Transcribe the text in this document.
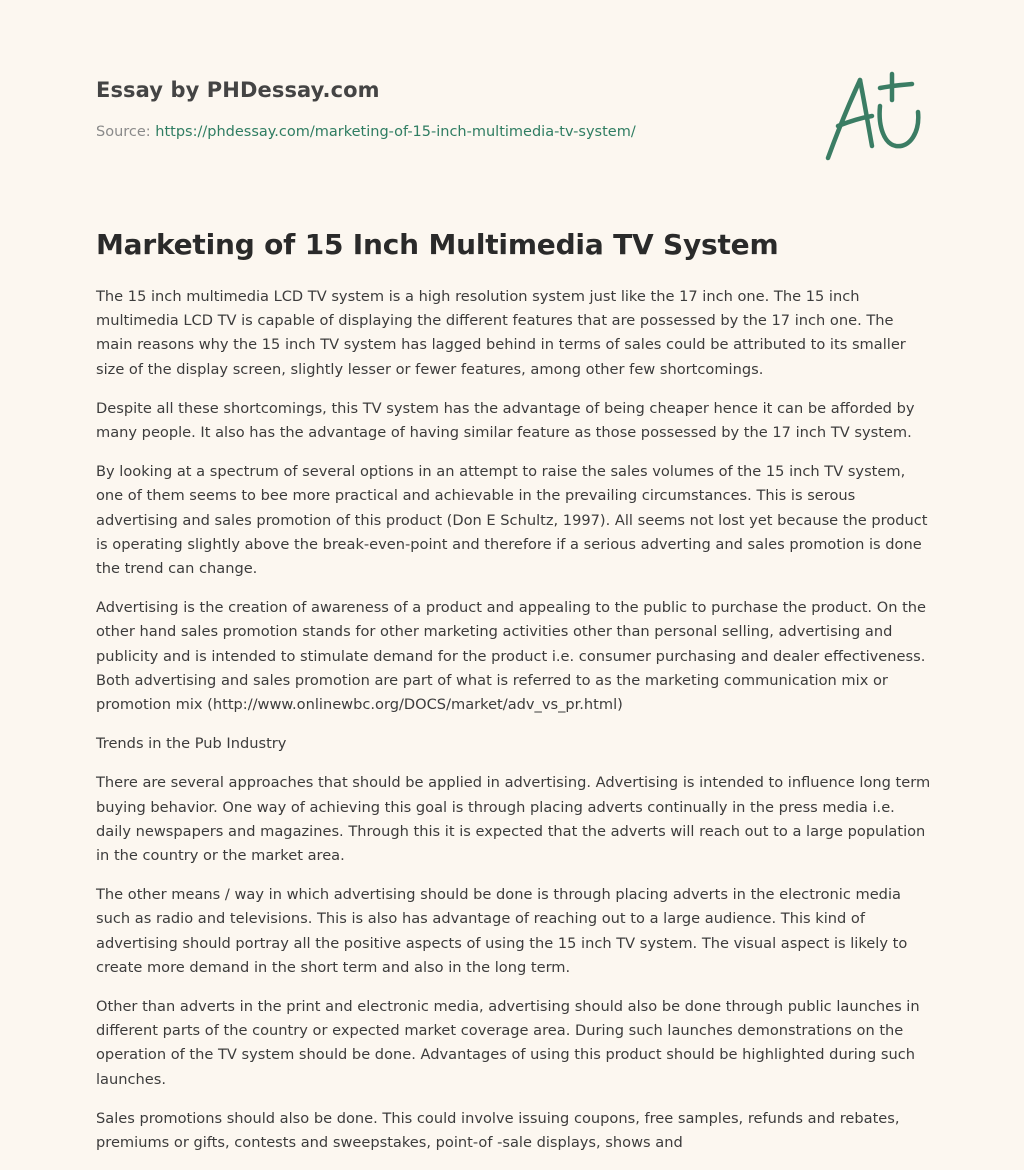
Essay by PHDessay.com
Source: https://phdessay.com/marketing-of-15-inch-multimedia-tv-system/
Marketing of 15 Inch Multimedia TV System

The 15 inch multimedia LCD TV system is a high resolution system just like the 17 inch one. The 15 inch multimedia LCD TV is capable of displaying the different features that are possessed by the 17 inch one. The main reasons why the 15 inch TV system has lagged behind in terms of sales could be attributed to its smaller size of the display screen, slightly lesser or fewer features, among other few shortcomings.

Despite all these shortcomings, this TV system has the advantage of being cheaper hence it can be afforded by many people. It also has the advantage of having similar feature as those possessed by the 17 inch TV system.

By looking at a spectrum of several options in an attempt to raise the sales volumes of the 15 inch TV system, one of them seems to bee more practical and achievable in the prevailing circumstances. This is serous advertising and sales promotion of this product (Don E Schultz, 1997). All seems not lost yet because the product is operating slightly above the break-even-point and therefore if a serious adverting and sales promotion is done the trend can change.

Advertising is the creation of awareness of a product and appealing to the public to purchase the product. On the other hand sales promotion stands for other marketing activities other than personal selling, advertising and publicity and is intended to stimulate demand for the product i.e. consumer purchasing and dealer effectiveness. Both advertising and sales promotion are part of what is referred to as the marketing communication mix or promotion mix (http://www.onlinewbc.org/DOCS/market/adv_vs_pr.html)

Trends in the Pub Industry

There are several approaches that should be applied in advertising. Advertising is intended to influence long term buying behavior. One way of achieving this goal is through placing adverts continually in the press media i.e. daily newspapers and magazines. Through this it is expected that the adverts will reach out to a large population in the country or the market area.

The other means / way in which advertising should be done is through placing adverts in the electronic media such as radio and televisions. This is also has advantage of reaching out to a large audience. This kind of advertising should portray all the positive aspects of using the 15 inch TV system. The visual aspect is likely to create more demand in the short term and also in the long term.

Other than adverts in the print and electronic media, advertising should also be done through public launches in different parts of the country or expected market coverage area. During such launches demonstrations on the operation of the TV system should be done. Advantages of using this product should be highlighted during such launches.

Sales promotions should also be done. This could involve issuing coupons, free samples, refunds and rebates, premiums or gifts, contests and sweepstakes, point-of -sale displays, shows and
